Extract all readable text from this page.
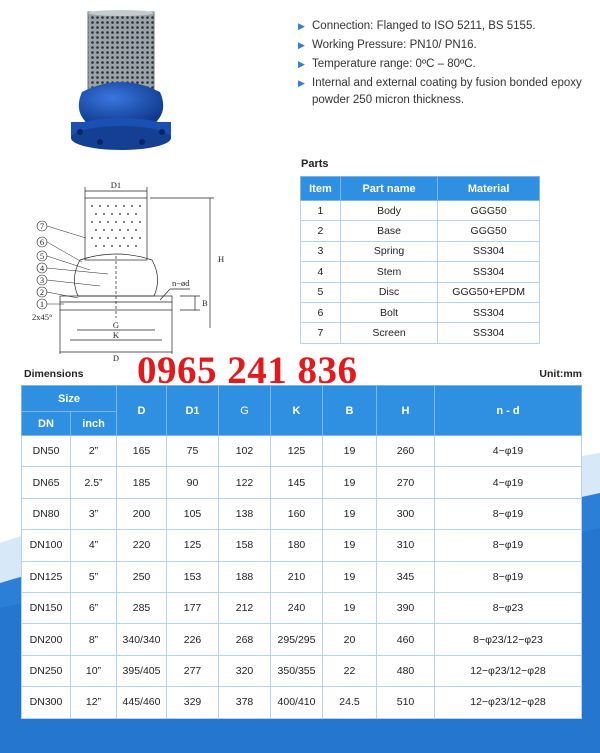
▶ Connection: Flanged to ISO 5211, BS 5155.
▶ Working Pressure: PN10/ PN16.
▶ Temperature range: 0ºC – 80ºC.
▶ Internal and external coating by fusion bonded epoxy powder 250 micron thickness.
7
6
5
4
3
2
1
D1
H
n−ød
2x45°
G
K
D
B
Parts
Item	Part name	Material
1	Body	GGG50
2	Base	GGG50
3	Spring	SS304
4	Stem	SS304
5	Disc	GGG50+EPDM
6	Bolt	SS304
7	Screen	SS304
0965 241 836
Dimensions	Unit:mm
Size		D	D1	G	K	B	H	n - d
DN	inch							
DN50	2”	165	75	102	125	19	260	4−φ19
DN65	2.5”	185	90	122	145	19	270	4−φ19
DN80	3”	200	105	138	160	19	300	8−φ19
DN100	4”	220	125	158	180	19	310	8−φ19
DN125	5”	250	153	188	210	19	345	8−φ19
DN150	6”	285	177	212	240	19	390	8−φ23
DN200	8”	340/340	226	268	295/295	20	460	8−φ23/12−φ23
DN250	10”	395/405	277	320	350/355	22	480	12−φ23/12−φ28
DN300	12”	445/460	329	378	400/410	24.5	510	12−φ23/12−φ28
